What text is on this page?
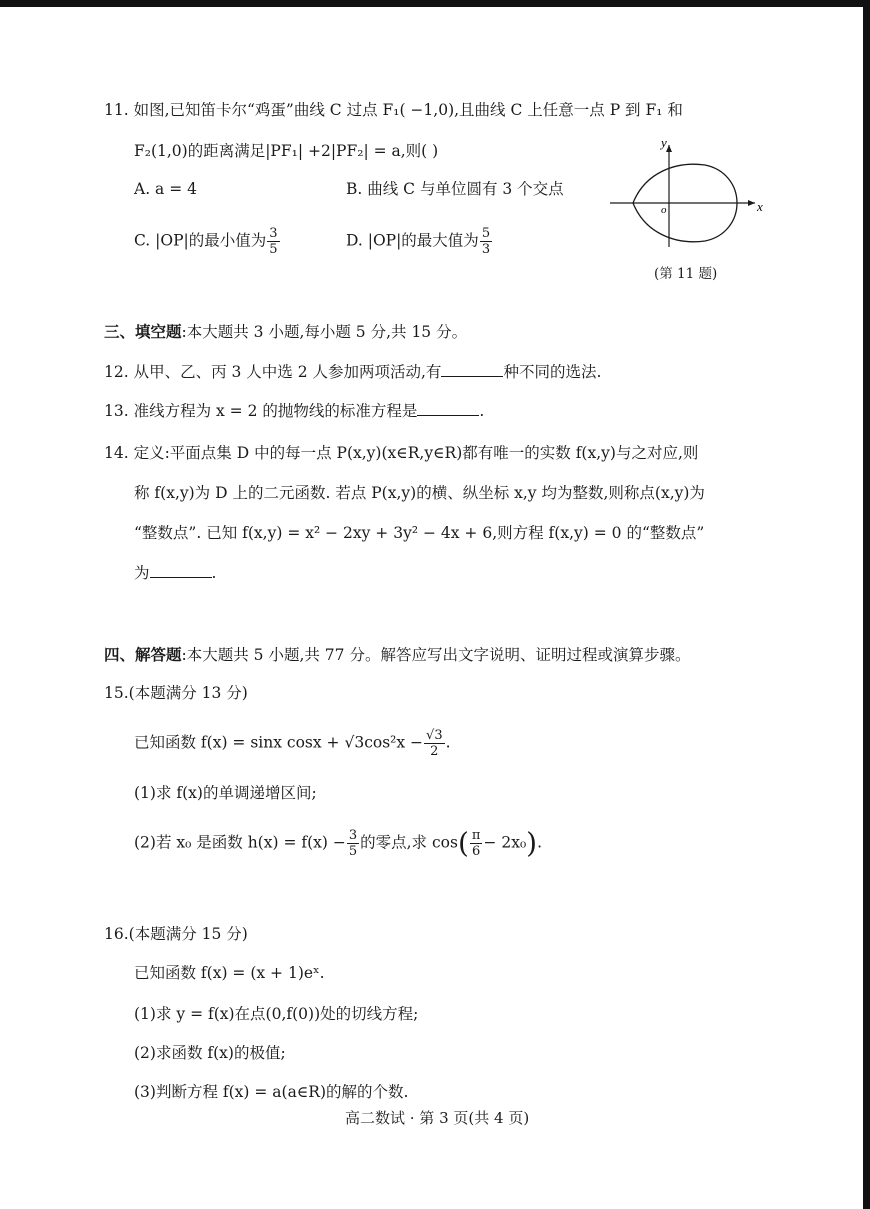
11. 如图,已知笛卡尔“鸡蛋”曲线 C 过点 F₁( −1,0),且曲线 C 上任意一点 P 到 F₁ 和
F₂(1,0)的距离满足|PF₁| +2|PF₂| = a,则( )
A. a = 4	B. 曲线 C 与单位圆有 3 个交点
C. |OP|的最小值为 $\frac{3}{5}$	D. |OP|的最大值为 $\frac{5}{3}$
y
x
o
(第 11 题)
三、填空题:本大题共 3 小题,每小题 5 分,共 15 分。
12. 从甲、乙、丙 3 人中选 2 人参加两项活动,有	种不同的选法.
13. 准线方程为 x = 2 的抛物线的标准方程是	.
14. 定义:平面点集 D 中的每一点 P(x,y)(x∈R,y∈R)都有唯一的实数 f(x,y)与之对应,则
称 f(x,y)为 D 上的二元函数. 若点 P(x,y)的横、纵坐标 x,y 均为整数,则称点(x,y)为
“整数点”. 已知 f(x,y) = x² − 2xy + 3y² − 4x + 6,则方程 f(x,y) = 0 的“整数点”
为	.
四、解答题:本大题共 5 小题,共 77 分。解答应写出文字说明、证明过程或演算步骤。
15.(本题满分 13 分)
已知函数 f(x) = sinx $\cos x + √3\cos^2x - \frac{√3}{2}$ .
(1)求 f(x)的单调递增区间;
(2)若 x₀ 是函数 $h(x) = f(x) - \frac{3}{5}$ 的零点,求 $\cos( \frac{\pi}{6} - 2x_0)$.
16.(本题满分 15 分)
已知函数 f(x) = (x + 1)eˣ.
(1)求 y = f(x)在点(0,f(0))处的切线方程;
(2)求函数 f(x)的极值;
(3)判断方程 f(x) = a(a∈R)的解的个数.
高二数试 · 第 3 页(共 4 页)
